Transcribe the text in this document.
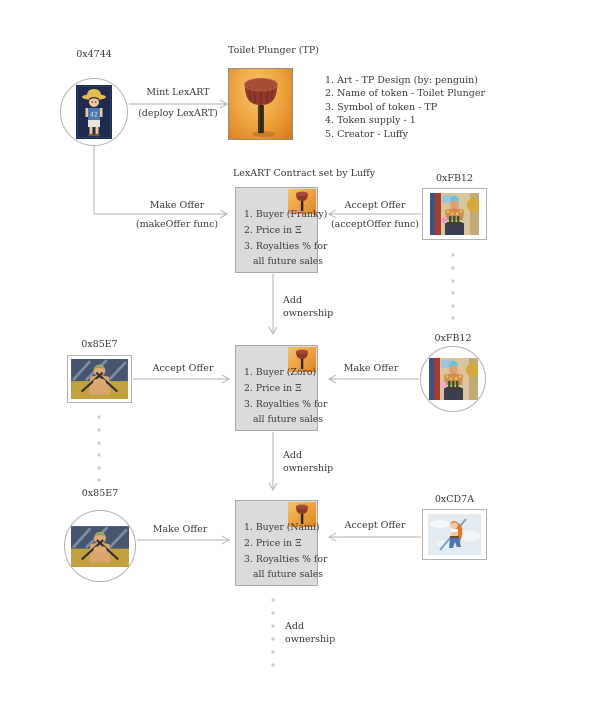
0x4744
42
Mint LexART
(deploy LexART)
Toilet Plunger (TP)
1. Art - TP Design (by: penguin)
2. Name of token - Toilet Plunger
3. Symbol of token - TP
4. Token supply - 1
5. Creator - Luffy
LexART Contract set by Luffy
1. Buyer (Franky)
2. Price in Ξ
3. Royalties % for
all future sales
Make Offer
(makeOffer func)
Accept Offer
(acceptOffer func)
0xFB12
Add
ownership
0x85E7
Accept Offer	1. Buyer (Zoro)
2. Price in Ξ
3. Royalties % for
all future sales
0xFB12
Make Offer
Add
ownership
0x85E7
Make Offer	1. Buyer (Nami)
2. Price in Ξ
3. Royalties % for
all future sales
0xCD7A
Accept Offer
Add
ownership
